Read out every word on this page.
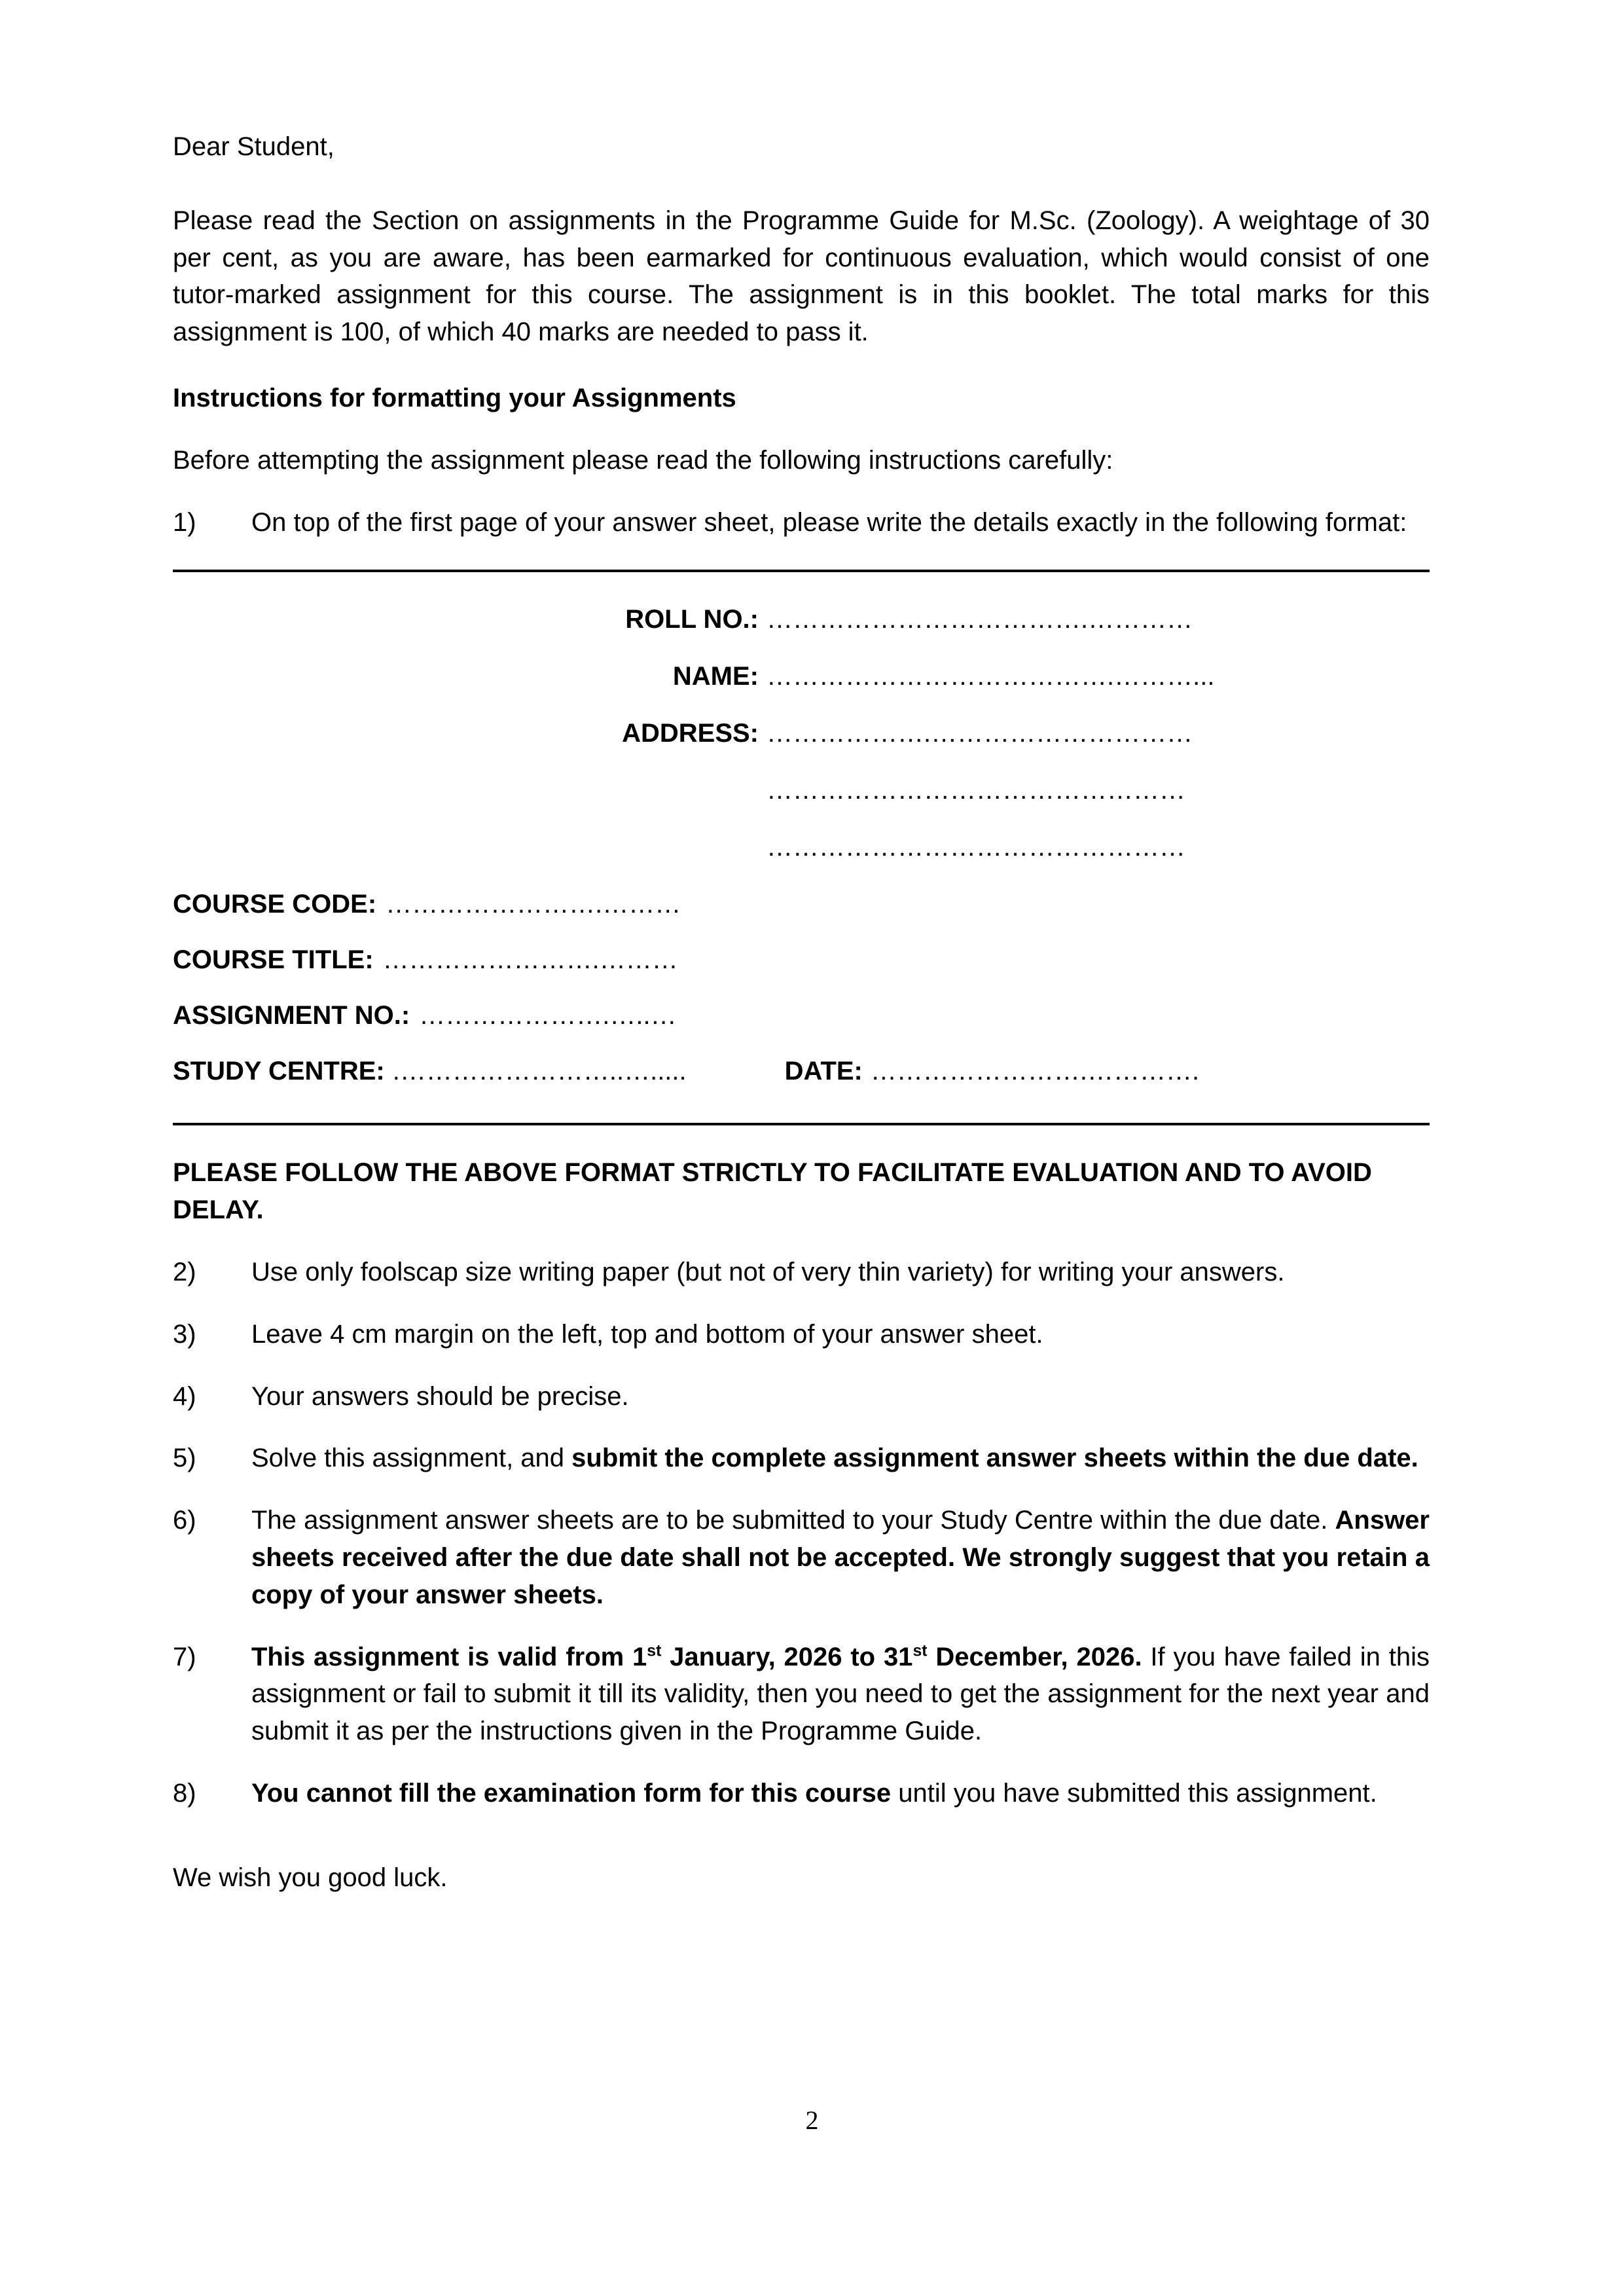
Dear Student,

Please read the Section on assignments in the Programme Guide for M.Sc. (Zoology). A weightage of 30 per cent, as you are aware, has been earmarked for continuous evaluation, which would consist of one tutor-marked assignment for this course. The assignment is in this booklet. The total marks for this assignment is 100, of which 40 marks are needed to pass it.

Instructions for formatting your Assignments

Before attempting the assignment please read the following instructions carefully:

1)	On top of the first page of your answer sheet, please write the details exactly in the following format:
ROLL NO.: ……………………………….…………
NAME: ………………………………….………...
ADDRESS: ……………….…………………………
…………………………………………
…………………………………………
COURSE CODE: …………………….………
COURSE TITLE: …………………….………
ASSIGNMENT NO.: ………………….…..…
STUDY CENTRE: .……………………..….....	DATE: …………………….………….

PLEASE FOLLOW THE ABOVE FORMAT STRICTLY TO FACILITATE EVALUATION AND TO AVOID DELAY.

2)	Use only foolscap size writing paper (but not of very thin variety) for writing your answers.
3)	Leave 4 cm margin on the left, top and bottom of your answer sheet.
4)	Your answers should be precise.
5)	Solve this assignment, and submit the complete assignment answer sheets within the due date.
6)	The assignment answer sheets are to be submitted to your Study Centre within the due date. Answer sheets received after the due date shall not be accepted. We strongly suggest that you retain a copy of your answer sheets.
7)	This assignment is valid from 1st January, 2026 to 31st December, 2026. If you have failed in this assignment or fail to submit it till its validity, then you need to get the assignment for the next year and submit it as per the instructions given in the Programme Guide.
8)	You cannot fill the examination form for this course until you have submitted this assignment.

We wish you good luck.

2
